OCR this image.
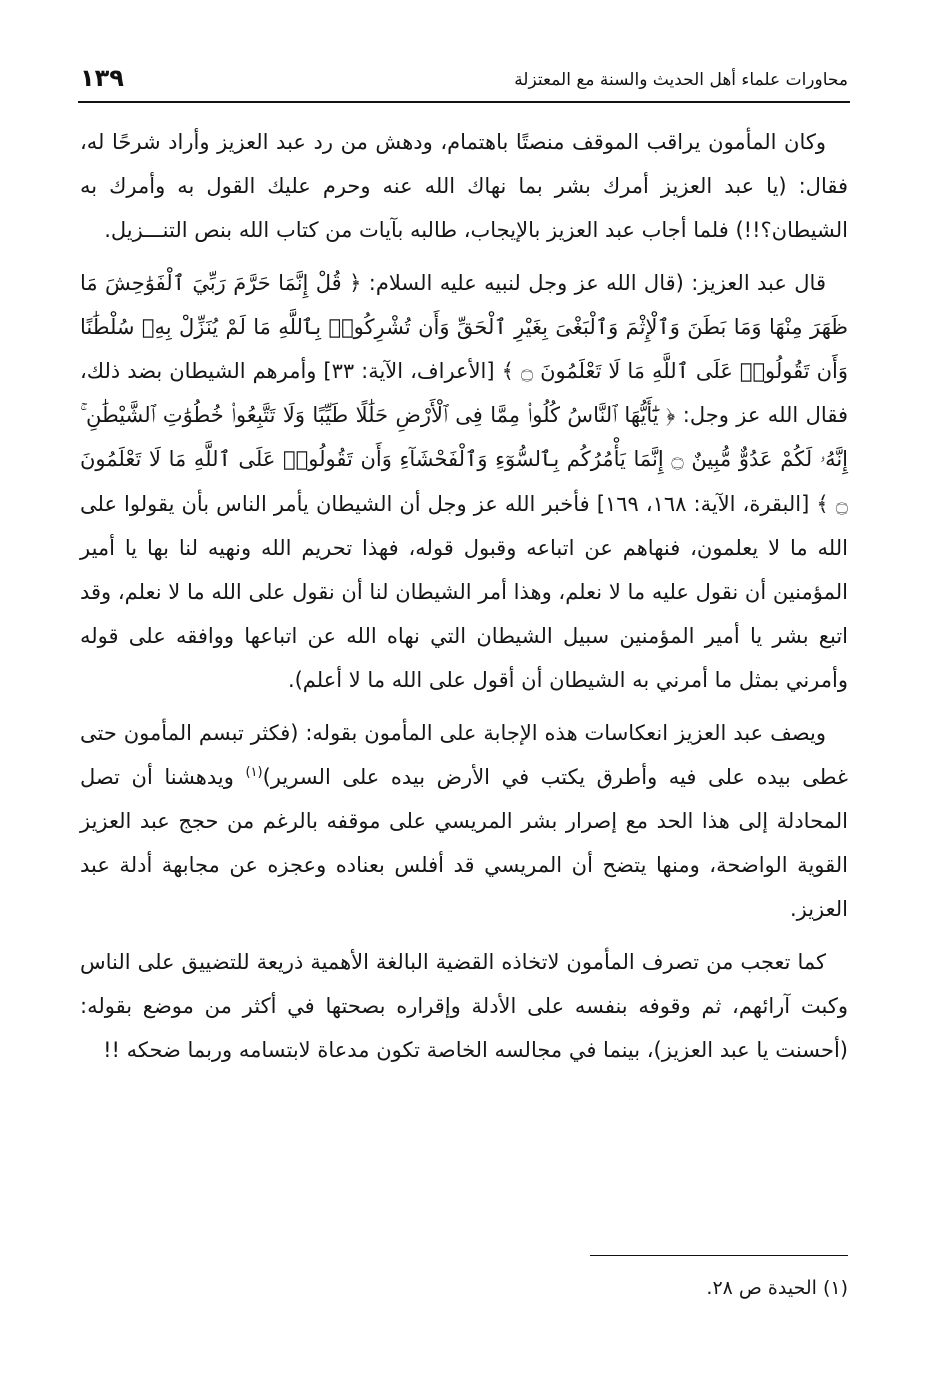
محاورات علماء أهل الحديث والسنة مع المعتزلة
١٣٩

وكان المأمون يراقب الموقف منصتًا باهتمام، ودهش من رد عبد العزيز وأراد شرحًا له، فقال: (يا عبد العزيز أمرك بشر بما نهاك الله عنه وحرم عليك القول به وأمرك به الشيطان؟!!) فلما أجاب عبد العزيز بالإيجاب، طالبه بآيات من كتاب الله بنص التنـــزيل.

قال عبد العزيز: (قال الله عز وجل لنبيه عليه السلام: ﴿ قُلْ إِنَّمَا حَرَّمَ رَبِّيَ ٱلْفَوَٰحِشَ مَا ظَهَرَ مِنْهَا وَمَا بَطَنَ وَٱلْإِثْمَ وَٱلْبَغْىَ بِغَيْرِ ٱلْحَقِّ وَأَن تُشْرِكُوا۟ بِٱللَّهِ مَا لَمْ يُنَزِّلْ بِهِۦ سُلْطَٰنًا وَأَن تَقُولُوا۟ عَلَى ٱللَّهِ مَا لَا تَعْلَمُونَ ۝ ﴾ [الأعراف، الآية: ٣٣] وأمرهم الشيطان بضد ذلك، فقال الله عز وجل: ﴿ يَٰٓأَيُّهَا ٱلنَّاسُ كُلُوا۟ مِمَّا فِى ٱلْأَرْضِ حَلَٰلًا طَيِّبًا وَلَا تَتَّبِعُوا۟ خُطُوَٰتِ ٱلشَّيْطَٰنِ ۚ إِنَّهُۥ لَكُمْ عَدُوٌّ مُّبِينٌ ۝ إِنَّمَا يَأْمُرُكُم بِٱلسُّوٓءِ وَٱلْفَحْشَآءِ وَأَن تَقُولُوا۟ عَلَى ٱللَّهِ مَا لَا تَعْلَمُونَ ۝ ﴾ [البقرة، الآية: ١٦٨، ١٦٩] فأخبر الله عز وجل أن الشيطان يأمر الناس بأن يقولوا على الله ما لا يعلمون، فنهاهم عن اتباعه وقبول قوله، فهذا تحريم الله ونهيه لنا بها يا أمير المؤمنين أن نقول عليه ما لا نعلم، وهذا أمر الشيطان لنا أن نقول على الله ما لا نعلم، وقد اتبع بشر يا أمير المؤمنين سبيل الشيطان التي نهاه الله عن اتباعها ووافقه على قوله وأمرني بمثل ما أمرني به الشيطان أن أقول على الله ما لا أعلم).

ويصف عبد العزيز انعكاسات هذه الإجابة على المأمون بقوله: (فكثر تبسم المأمون حتى غطى بيده على فيه وأطرق يكتب في الأرض بيده على السرير)$^{(١)}$ ويدهشنا أن تصل المحادلة إلى هذا الحد مع إصرار بشر المريسي على موقفه بالرغم من حجج عبد العزيز القوية الواضحة، ومنها يتضح أن المريسي قد أفلس بعناده وعجزه عن مجابهة أدلة عبد العزيز.

كما تعجب من تصرف المأمون لاتخاذه القضية البالغة الأهمية ذريعة للتضييق على الناس وكبت آرائهم، ثم وقوفه بنفسه على الأدلة وإقراره بصحتها في أكثر من موضع بقوله: (أحسنت يا عبد العزيز)، بينما في مجالسه الخاصة تكون مدعاة لابتسامه وربما ضحكه !!

(١) الحيدة ص ٢٨.
